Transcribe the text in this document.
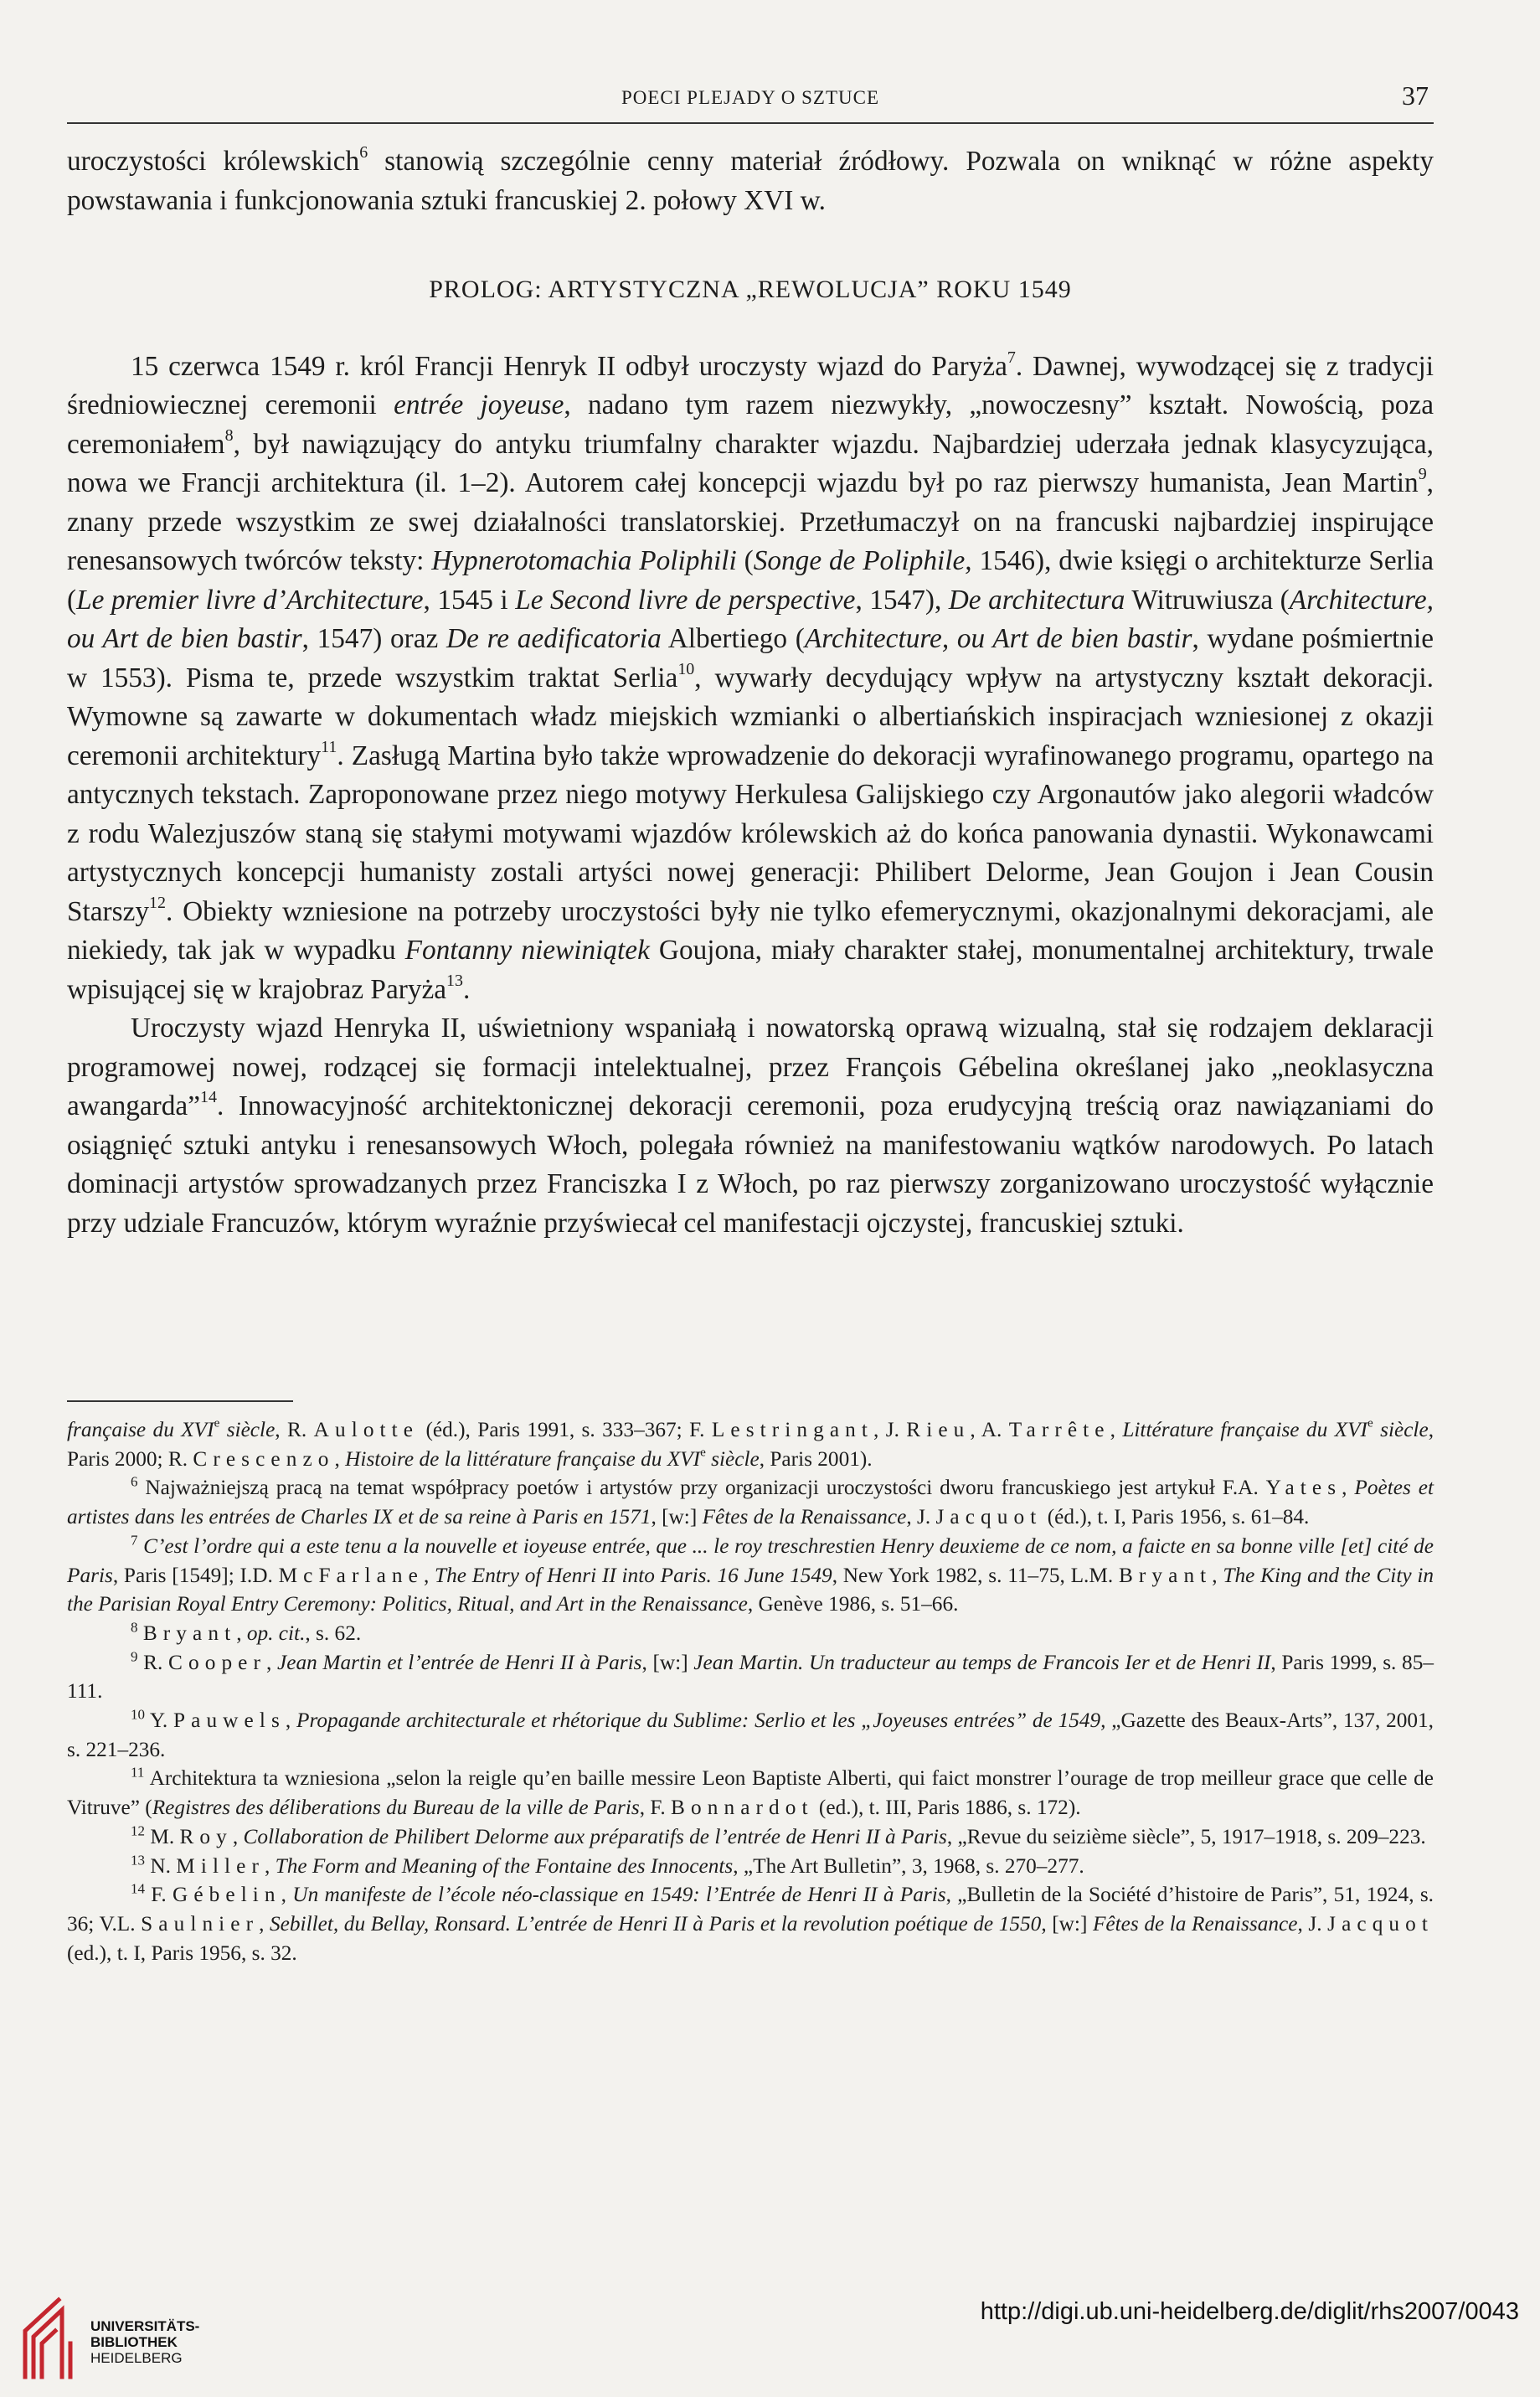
POECI PLEJADY O SZTUCE	37

uroczystości królewskich$^6$ stanowią szczególnie cenny materiał źródłowy. Pozwala on wniknąć w różne aspekty powstawania i funkcjonowania sztuki francuskiej 2. połowy XVI w.

PROLOG: ARTYSTYCZNA „REWOLUCJA” ROKU 1549

15 czerwca 1549 r. król Francji Henryk II odbył uroczysty wjazd do Paryża$^7$. Dawnej, wywodzącej się z tradycji średniowiecznej ceremonii entrée joyeuse, nadano tym razem niezwykły, „nowoczesny” kształt. Nowością, poza ceremoniałem$^8$, był nawiązujący do antyku triumfalny charakter wjazdu. Najbardziej uderzała jednak klasycyzująca, nowa we Francji architektura (il. 1–2). Autorem całej koncepcji wjazdu był po raz pierwszy humanista, Jean Martin$^9$, znany przede wszystkim ze swej działalności translatorskiej. Przetłumaczył on na francuski najbardziej inspirujące renesansowych twórców teksty: Hypnerotomachia Poliphili (Songe de Poliphile, 1546), dwie księgi o architekturze Serlia (Le premier livre d’Architecture, 1545 i Le Second livre de perspective, 1547), De architectura Witruwiusza (Architecture, ou Art de bien bastir, 1547) oraz De re aedificatoria Albertiego (Architecture, ou Art de bien bastir, wydane pośmiertnie w 1553). Pisma te, przede wszystkim traktat Serlia$^{10}$, wywarły decydujący wpływ na artystyczny kształt dekoracji. Wymowne są zawarte w dokumentach władz miejskich wzmianki o albertiańskich inspiracjach wzniesionej z okazji ceremonii architektury$^{11}$. Zasługą Martina było także wprowadzenie do dekoracji wyrafinowanego programu, opartego na antycznych tekstach. Zaproponowane przez niego motywy Herkulesa Galijskiego czy Argonautów jako alegorii władców z rodu Walezjuszów staną się stałymi motywami wjazdów królewskich aż do końca panowania dynastii. Wykonawcami artystycznych koncepcji humanisty zostali artyści nowej generacji: Philibert Delorme, Jean Goujon i Jean Cousin Starszy$^{12}$. Obiekty wzniesione na potrzeby uroczystości były nie tylko efemerycznymi, okazjonalnymi dekoracjami, ale niekiedy, tak jak w wypadku Fontanny niewiniątek Goujona, miały charakter stałej, monumentalnej architektury, trwale wpisującej się w krajobraz Paryża$^{13}$.

Uroczysty wjazd Henryka II, uświetniony wspaniałą i nowatorską oprawą wizualną, stał się rodzajem deklaracji programowej nowej, rodzącej się formacji intelektualnej, przez François Gébelina określanej jako „neoklasyczna awangarda”$^{14}$. Innowacyjność architektonicznej dekoracji ceremonii, poza erudycyjną treścią oraz nawiązaniami do osiągnięć sztuki antyku i renesansowych Włoch, polegała również na manifestowaniu wątków narodowych. Po latach dominacji artystów sprowadzanych przez Franciszka I z Włoch, po raz pierwszy zorganizowano uroczystość wyłącznie przy udziale Francuzów, którym wyraźnie przyświecał cel manifestacji ojczystej, francuskiej sztuki.

française du XVIe siècle, R. Aulotte (éd.), Paris 1991, s. 333–367; F. Lestringant, J. Rieu, A. Tarrête, Littérature française du XVIe siècle, Paris 2000; R. Crescenzo, Histoire de la littérature française du XVIe siècle, Paris 2001).

$^6$ Najważniejszą pracą na temat współpracy poetów i artystów przy organizacji uroczystości dworu francuskiego jest artykuł F.A. Yates, Poètes et artistes dans les entrées de Charles IX et de sa reine à Paris en 1571, [w:] Fêtes de la Renaissance, J. Jacquot (éd.), t. I, Paris 1956, s. 61–84.

$^7$ C’est l’ordre qui a este tenu a la nouvelle et ioyeuse entrée, que ... le roy treschrestien Henry deuxieme de ce nom, a faicte en sa bonne ville [et] cité de Paris, Paris [1549]; I.D. McFarlane, The Entry of Henri II into Paris. 16 June 1549, New York 1982, s. 11–75, L.M. Bryant, The King and the City in the Parisian Royal Entry Ceremony: Politics, Ritual, and Art in the Renaissance, Genève 1986, s. 51–66.

$^8$ Bryant, op. cit., s. 62.

$^9$ R. Cooper, Jean Martin et l’entrée de Henri II à Paris, [w:] Jean Martin. Un traducteur au temps de Francois Ier et de Henri II, Paris 1999, s. 85–111.

$^{10}$ Y. Pauwels, Propagande architecturale et rhétorique du Sublime: Serlio et les „Joyeuses entrées” de 1549, „Gazette des Beaux-Arts”, 137, 2001, s. 221–236.

$^{11}$ Architektura ta wzniesiona „selon la reigle qu’en baille messire Leon Baptiste Alberti, qui faict monstrer l’ourage de trop meilleur grace que celle de Vitruve” (Registres des déliberations du Bureau de la ville de Paris, F. Bonnardot (ed.), t. III, Paris 1886, s. 172).

$^{12}$ M. Roy, Collaboration de Philibert Delorme aux préparatifs de l’entrée de Henri II à Paris, „Revue du seizième siècle”, 5, 1917–1918, s. 209–223.

$^{13}$ N. Miller, The Form and Meaning of the Fontaine des Innocents, „The Art Bulletin”, 3, 1968, s. 270–277.

$^{14}$ F. Gébelin, Un manifeste de l’école néo-classique en 1549: l’Entrée de Henri II à Paris, „Bulletin de la Société d’histoire de Paris”, 51, 1924, s. 36; V.L. Saulnier, Sebillet, du Bellay, Ronsard. L’entrée de Henri II à Paris et la revolution poétique de 1550, [w:] Fêtes de la Renaissance, J. Jacquot (ed.), t. I, Paris 1956, s. 32.

UNIVERSITÄTS-
BIBLIOTHEK
HEIDELBERG
http://digi.ub.uni-heidelberg.de/diglit/rhs2007/0043
